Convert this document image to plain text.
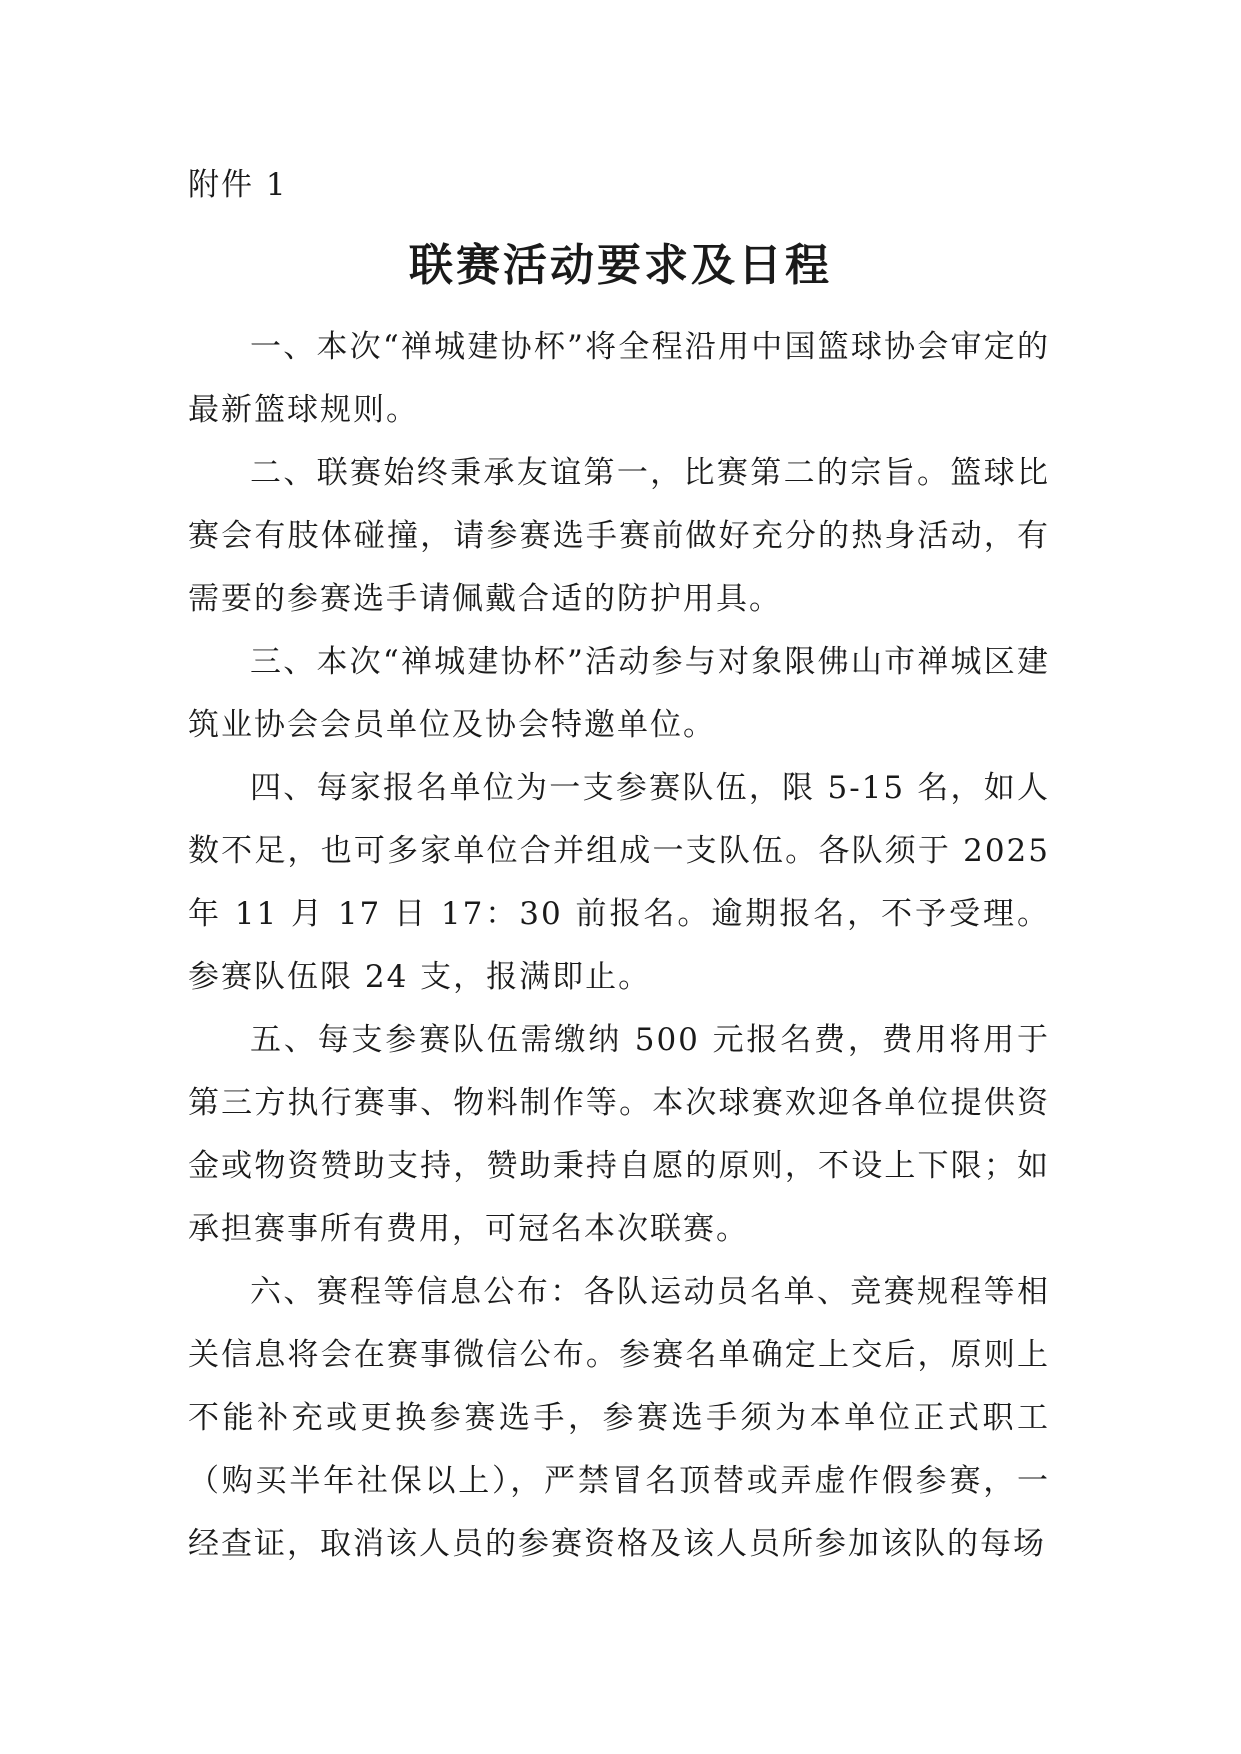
附件 1
联赛活动要求及日程

一、本次“禅城建协杯”将全程沿用中国篮球协会审定的最新篮球规则。

二、联赛始终秉承友谊第一，比赛第二的宗旨。篮球比赛会有肢体碰撞，请参赛选手赛前做好充分的热身活动，有需要的参赛选手请佩戴合适的防护用具。

三、本次“禅城建协杯”活动参与对象限佛山市禅城区建筑业协会会员单位及协会特邀单位。

四、每家报名单位为一支参赛队伍，限 5-15 名，如人数不足，也可多家单位合并组成一支队伍。各队须于 2025 年 11 月 17 日 17：30 前报名。逾期报名，不予受理。参赛队伍限 24 支，报满即止。

五、每支参赛队伍需缴纳 500 元报名费，费用将用于第三方执行赛事、物料制作等。本次球赛欢迎各单位提供资金或物资赞助支持，赞助秉持自愿的原则，不设上下限；如承担赛事所有费用，可冠名本次联赛。

六、赛程等信息公布：各队运动员名单、竞赛规程等相关信息将会在赛事微信公布。参赛名单确定上交后，原则上不能补充或更换参赛选手，参赛选手须为本单位正式职工（购买半年社保以上），严禁冒名顶替或弄虚作假参赛，一经查证，取消该人员的参赛资格及该人员所参加该队的每场
